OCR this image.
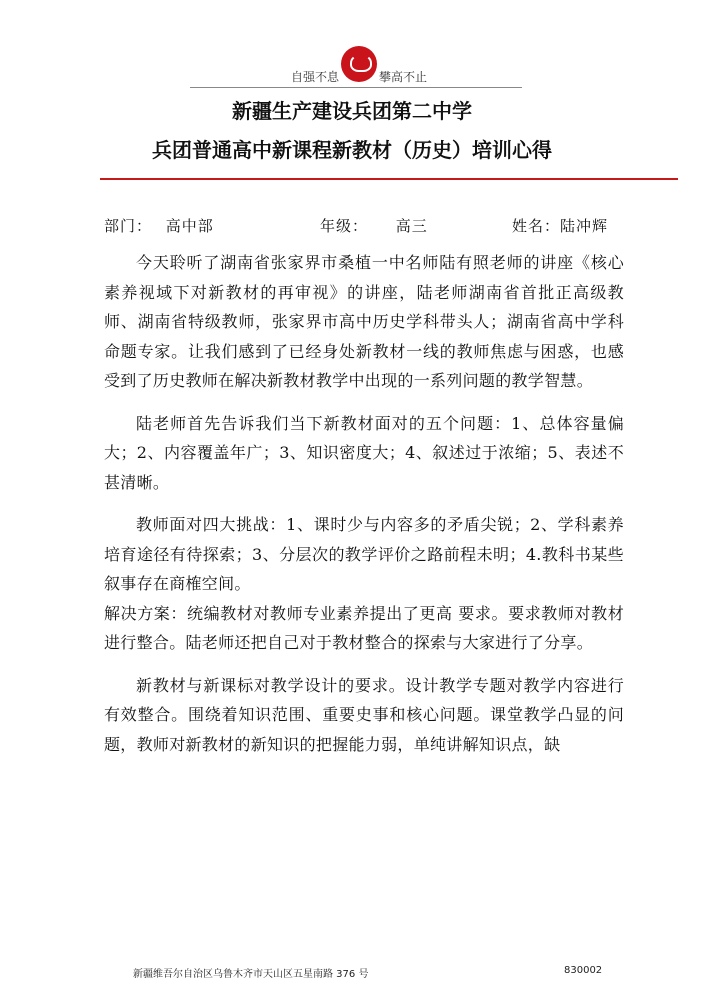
自强不息	攀高不止
新疆生产建设兵团第二中学
兵团普通高中新课程新教材（历史）培训心得
部门： 高中部	年级： 高三	姓名：陆冲辉

今天聆听了湖南省张家界市桑植一中名师陆有照老师的讲座《核心素养视域下对新教材的再审视》的讲座，陆老师湖南省首批正高级教师、湖南省特级教师，张家界市高中历史学科带头人；湖南省高中学科命题专家。让我们感到了已经身处新教材一线的教师焦虑与困惑，也感受到了历史教师在解决新教材教学中出现的一系列问题的教学智慧。

陆老师首先告诉我们当下新教材面对的五个问题：1、总体容量偏大；2、内容覆盖年广；3、知识密度大；4、叙述过于浓缩；5、表述不甚清晰。

教师面对四大挑战：1、课时少与内容多的矛盾尖锐；2、学科素养培育途径有待探索；3、分层次的教学评价之路前程未明；4.教科书某些叙事存在商榷空间。

解决方案：统编教材对教师专业素养提出了更高 要求。要求教师对教材进行整合。陆老师还把自己对于教材整合的探索与大家进行了分享。

新教材与新课标对教学设计的要求。设计教学专题对教学内容进行有效整合。围绕着知识范围、重要史事和核心问题。课堂教学凸显的问题，教师对新教材的新知识的把握能力弱，单纯讲解知识点，缺

新疆维吾尔自治区乌鲁木齐市天山区五星南路 376 号	830002
